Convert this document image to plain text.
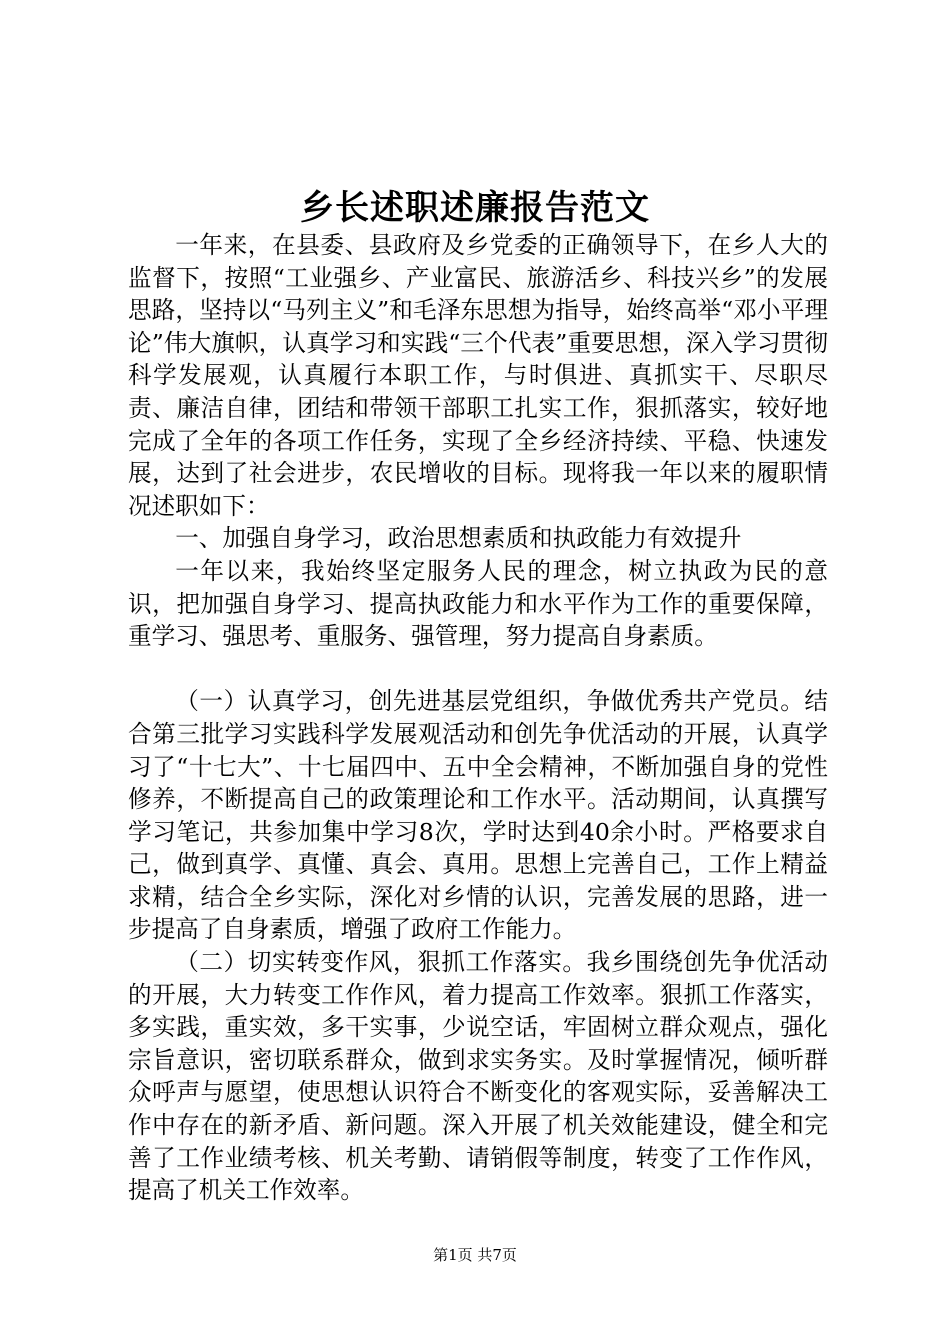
乡长述职述廉报告范文

一年来，在县委、县政府及乡党委的正确领导下，在乡人大的监督下，按照“工业强乡、产业富民、旅游活乡、科技兴乡”的发展思路，坚持以“马列主义”和毛泽东思想为指导，始终高举“邓小平理论”伟大旗帜，认真学习和实践“三个代表”重要思想，深入学习贯彻科学发展观，认真履行本职工作，与时俱进、真抓实干、尽职尽责、廉洁自律，团结和带领干部职工扎实工作，狠抓落实，较好地完成了全年的各项工作任务，实现了全乡经济持续、平稳、快速发展，达到了社会进步，农民增收的目标。现将我一年以来的履职情况述职如下：

一、加强自身学习，政治思想素质和执政能力有效提升

一年以来，我始终坚定服务人民的理念，树立执政为民的意识，把加强自身学习、提高执政能力和水平作为工作的重要保障，重学习、强思考、重服务、强管理，努力提高自身素质。

（一）认真学习，创先进基层党组织，争做优秀共产党员。结合第三批学习实践科学发展观活动和创先争优活动的开展，认真学习了“十七大”、十七届四中、五中全会精神，不断加强自身的党性修养，不断提高自己的政策理论和工作水平。活动期间，认真撰写学习笔记，共参加集中学习8次，学时达到40余小时。严格要求自己，做到真学、真懂、真会、真用。思想上完善自己，工作上精益求精，结合全乡实际，深化对乡情的认识，完善发展的思路，进一步提高了自身素质，增强了政府工作能力。

（二）切实转变作风，狠抓工作落实。我乡围绕创先争优活动的开展，大力转变工作作风，着力提高工作效率。狠抓工作落实，多实践，重实效，多干实事，少说空话，牢固树立群众观点，强化宗旨意识，密切联系群众，做到求实务实。及时掌握情况，倾听群众呼声与愿望，使思想认识符合不断变化的客观实际，妥善解决工作中存在的新矛盾、新问题。深入开展了机关效能建设，健全和完善了工作业绩考核、机关考勤、请销假等制度，转变了工作作风，提高了机关工作效率。

第1页 共7页
